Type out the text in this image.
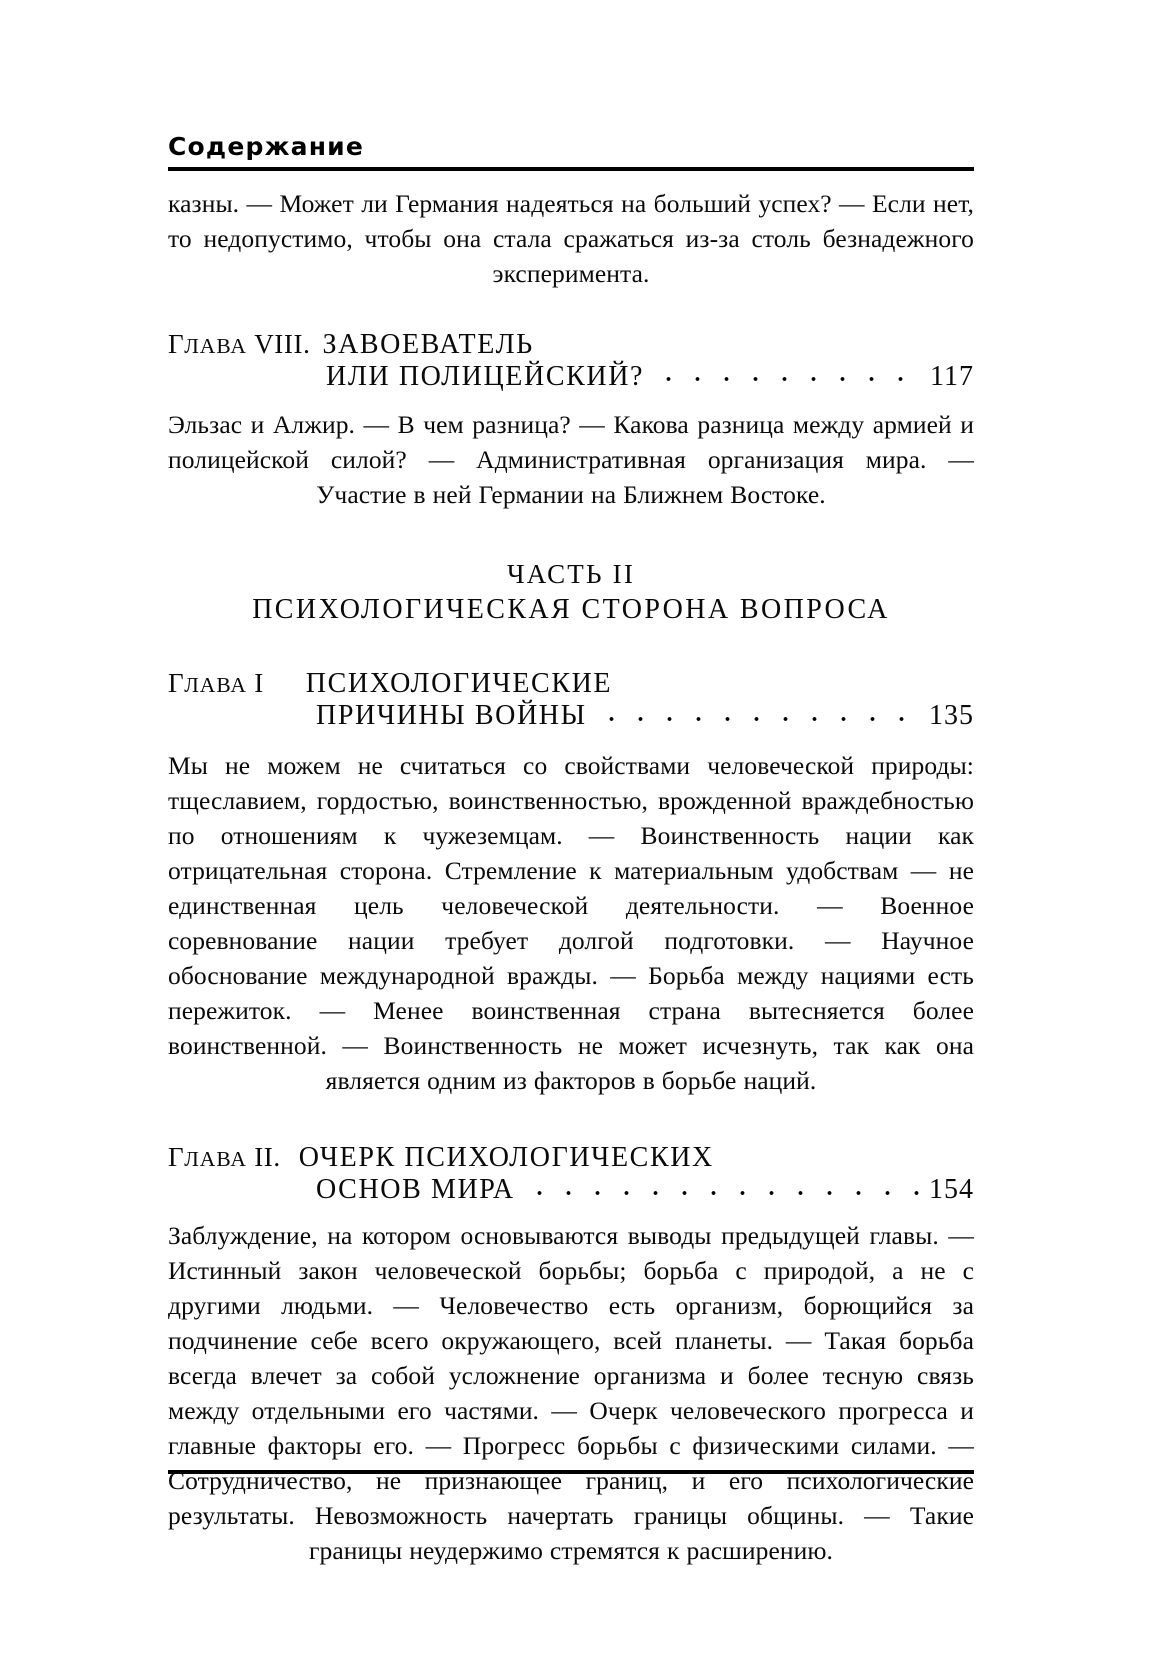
Содержание

казны. — Может ли Германия надеяться на больший успех? — Если нет, то недопустимо, чтобы она стала сражаться из-за столь безнадежного эксперимента.

ГЛАВА VIII. ЗАВОЕВАТЕЛЬ
ИЛИ ПОЛИЦЕЙСКИЙ?	117

Эльзас и Алжир. — В чем разница? — Какова разница между армией и полицейской силой? — Административная организация мира. — Участие в ней Германии на Ближнем Востоке.

ЧАСТЬ II
ПСИХОЛОГИЧЕСКАЯ СТОРОНА ВОПРОСА
ГЛАВА I ПСИХОЛОГИЧЕСКИЕ
ПРИЧИНЫ ВОЙНЫ	135

Мы не можем не считаться со свойствами человеческой природы: тщеславием, гордостью, воинственностью, врожденной враждебностью по отношениям к чужеземцам. — Воинственность нации как отрицательная сторона. Стремление к материальным удобствам — не единственная цель человеческой деятельности. — Военное соревнование нации требует долгой подготовки. — Научное обоснование международной вражды. — Борьба между нациями есть пережиток. — Менее воинственная страна вытесняется более воинственной. — Воинственность не может исчезнуть, так как она является одним из факторов в борьбе наций.

ГЛАВА II. ОЧЕРК ПСИХОЛОГИЧЕСКИХ
ОСНОВ МИРА	154

Заблуждение, на котором основываются выводы предыдущей главы. — Истинный закон человеческой борьбы; борьба с природой, а не с другими людьми. — Человечество есть организм, борющийся за подчинение себе всего окружающего, всей планеты. — Такая борьба всегда влечет за собой усложнение организма и более тесную связь между отдельными его частями. — Очерк человеческого прогресса и главные факторы его. — Прогресс борьбы с физическими силами. — Сотрудничество, не признающее границ, и его психологические результаты. Невозможность начертать границы общины. — Такие границы неудержимо стремятся к расширению.
